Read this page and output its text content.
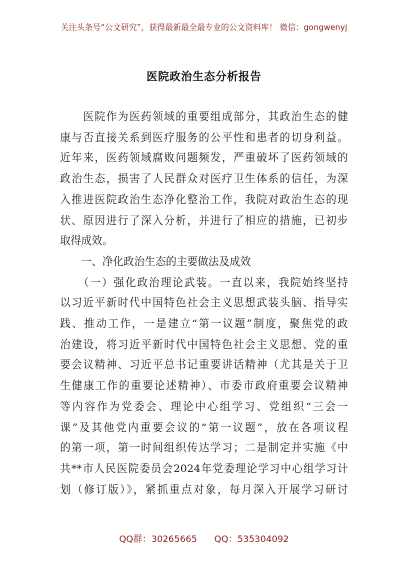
关注头条号“公文研究”，获得最新最全最专业的公文资料库！ 微信：gongwenyj
医院政治生态分析报告
　　医院作为医药领域的重要组成部分，其政治生态的健
康与否直接关系到医疗服务的公平性和患者的切身利益。
近年来，医药领域腐败问题频发，严重破坏了医药领域的
政治生态，损害了人民群众对医疗卫生体系的信任，为深
入推进医院政治生态净化整治工作，我院对政治生态的现
状、原因进行了深入分析，并进行了相应的措施，已初步
取得成效。
　　一、净化政治生态的主要做法及成效
　　（一）强化政治理论武装。一直以来，我院始终坚持
以习近平新时代中国特色社会主义思想武装头脑、指导实
践、推动工作，一是建立“第一议题”制度，聚焦党的政
治建设，将习近平新时代中国特色社会主义思想、党的重
要会议精神、习近平总书记重要讲话精神（尤其是关于卫
生健康工作的重要论述精神）、市委市政府重要会议精神
等内容作为党委会、理论中心组学习、党组织“三会一
课”及其他党内重要会议的“第一议题”，放在各项议程
的第一项，第一时间组织传达学习；二是制定并实施《中
共**市人民医院委员会2024年党委理论学习中心组学习计
划（修订版）》，紧抓重点对象，每月深入开展学习研讨
QQ群：30265665      QQ：535304092
